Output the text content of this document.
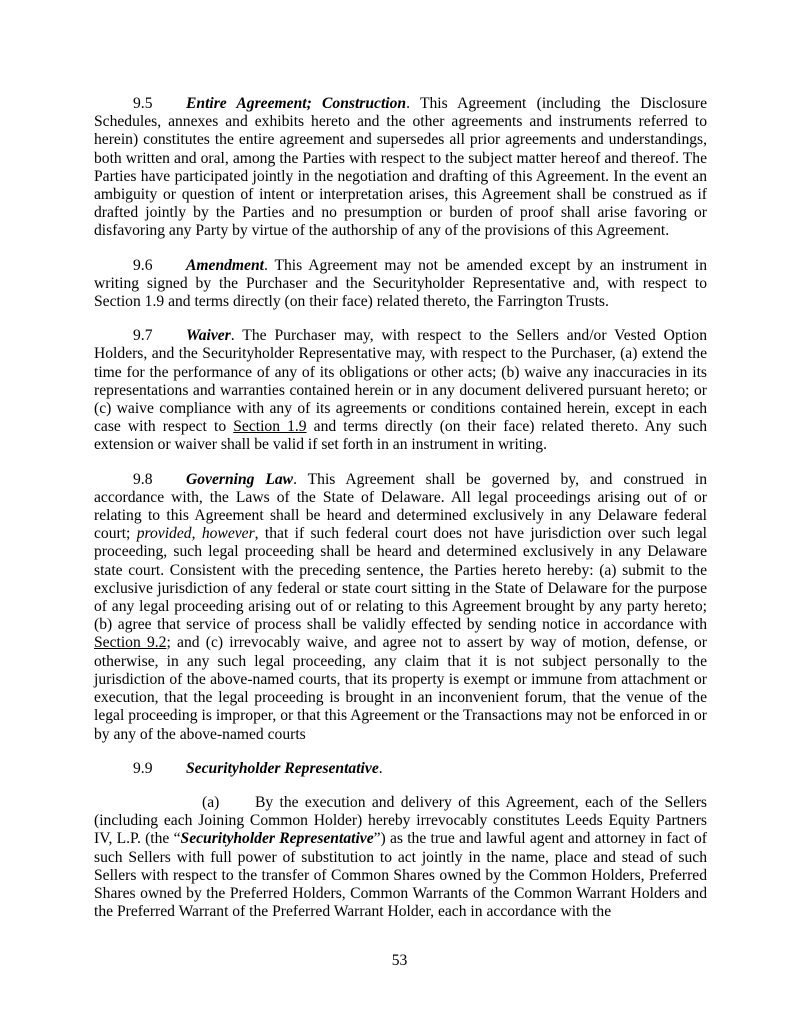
9.5 Entire Agreement; Construction. This Agreement (including the Disclosure Schedules, annexes and exhibits hereto and the other agreements and instruments referred to herein) constitutes the entire agreement and supersedes all prior agreements and understandings, both written and oral, among the Parties with respect to the subject matter hereof and thereof. The Parties have participated jointly in the negotiation and drafting of this Agreement. In the event an ambiguity or question of intent or interpretation arises, this Agreement shall be construed as if drafted jointly by the Parties and no presumption or burden of proof shall arise favoring or disfavoring any Party by virtue of the authorship of any of the provisions of this Agreement.

9.6 Amendment. This Agreement may not be amended except by an instrument in writing signed by the Purchaser and the Securityholder Representative and, with respect to Section 1.9 and terms directly (on their face) related thereto, the Farrington Trusts.

9.7 Waiver. The Purchaser may, with respect to the Sellers and/or Vested Option Holders, and the Securityholder Representative may, with respect to the Purchaser, (a) extend the time for the performance of any of its obligations or other acts; (b) waive any inaccuracies in its representations and warranties contained herein or in any document delivered pursuant hereto; or (c) waive compliance with any of its agreements or conditions contained herein, except in each case with respect to Section 1.9 and terms directly (on their face) related thereto. Any such extension or waiver shall be valid if set forth in an instrument in writing.

9.8 Governing Law. This Agreement shall be governed by, and construed in accordance with, the Laws of the State of Delaware. All legal proceedings arising out of or relating to this Agreement shall be heard and determined exclusively in any Delaware federal court; provided, however, that if such federal court does not have jurisdiction over such legal proceeding, such legal proceeding shall be heard and determined exclusively in any Delaware state court. Consistent with the preceding sentence, the Parties hereto hereby: (a) submit to the exclusive jurisdiction of any federal or state court sitting in the State of Delaware for the purpose of any legal proceeding arising out of or relating to this Agreement brought by any party hereto; (b) agree that service of process shall be validly effected by sending notice in accordance with Section 9.2; and (c) irrevocably waive, and agree not to assert by way of motion, defense, or otherwise, in any such legal proceeding, any claim that it is not subject personally to the jurisdiction of the above-named courts, that its property is exempt or immune from attachment or execution, that the legal proceeding is brought in an inconvenient forum, that the venue of the legal proceeding is improper, or that this Agreement or the Transactions may not be enforced in or by any of the above-named courts

9.9 Securityholder Representative.

(a) By the execution and delivery of this Agreement, each of the Sellers (including each Joining Common Holder) hereby irrevocably constitutes Leeds Equity Partners IV, L.P. (the “Securityholder Representative”) as the true and lawful agent and attorney in fact of such Sellers with full power of substitution to act jointly in the name, place and stead of such Sellers with respect to the transfer of Common Shares owned by the Common Holders, Preferred Shares owned by the Preferred Holders, Common Warrants of the Common Warrant Holders and the Preferred Warrant of the Preferred Warrant Holder, each in accordance with the

53
